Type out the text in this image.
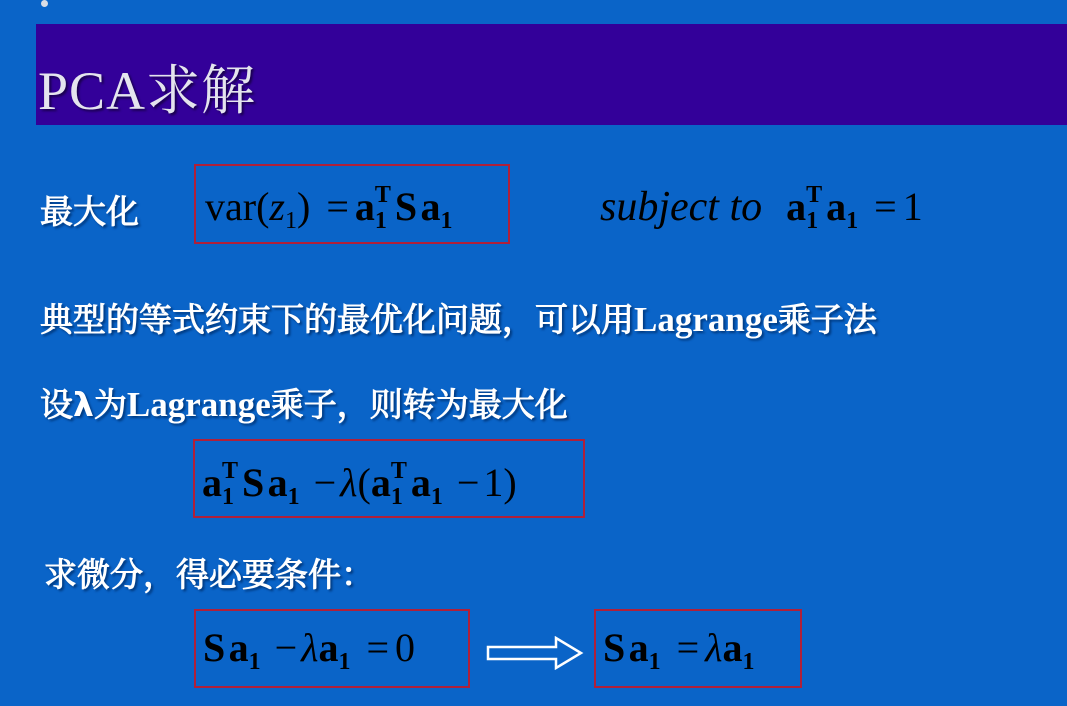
PCA求解
最大化 $var(z_1) = a_1^T$ S $a_1$	subject to $a_1^T$ $a_1 = 1$
典型的等式约束下的最优化问题，可以用Lagrange乘子法
设λ为Lagrange乘子，则转为最大化
$a_1^T$ S $a_1 - \lambda(a_1^T$ $a_1 - 1$)
求微分，得必要条件：
S $a_1 - \lambda a_1 = 0$	S $a_1 = \lambda a_1$
